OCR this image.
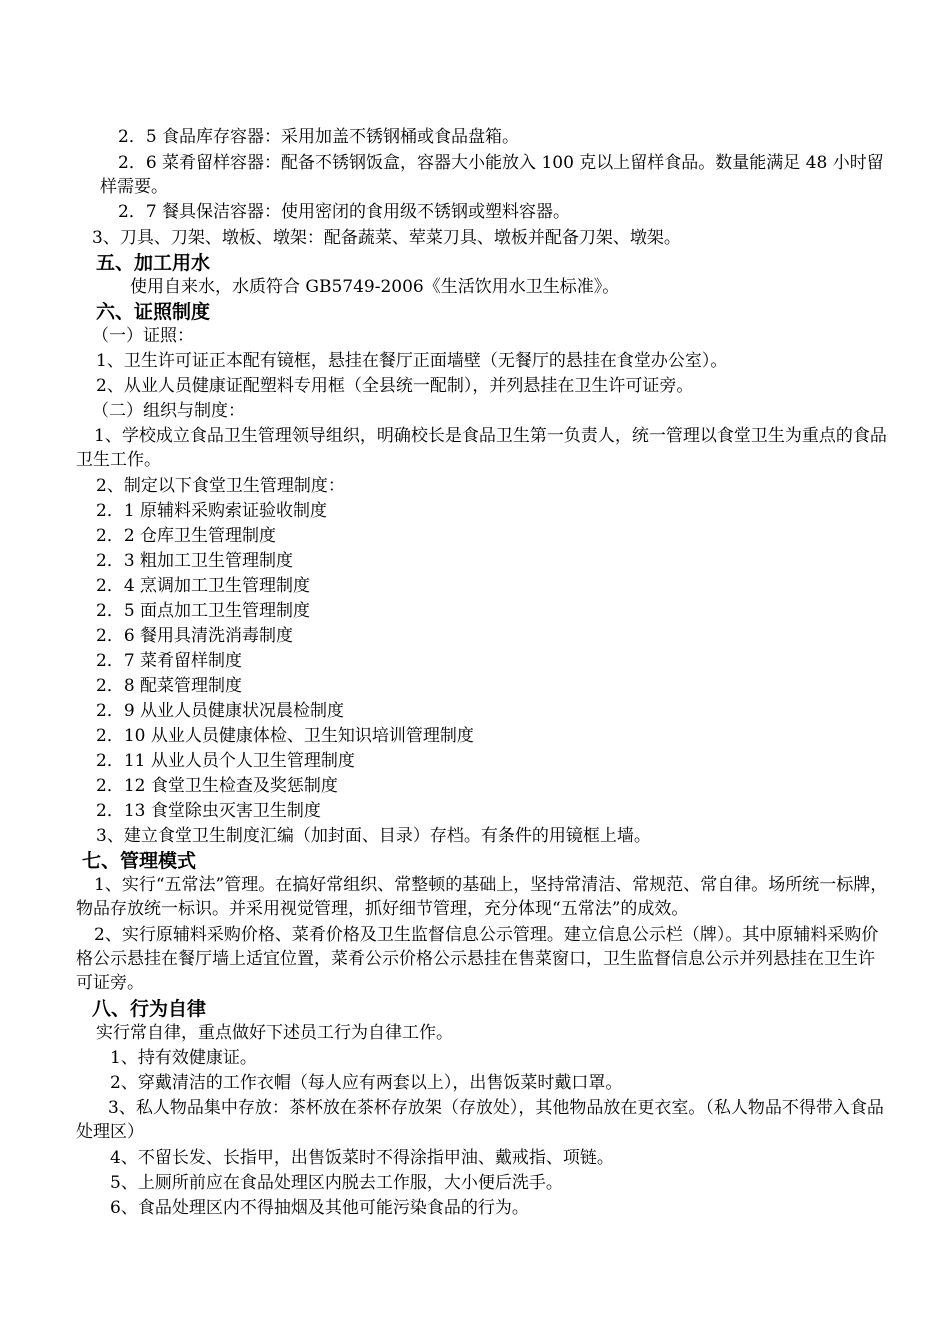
2．5 食品库存容器：采用加盖不锈钢桶或食品盘箱。
2．6 菜肴留样容器：配备不锈钢饭盒，容器大小能放入 100 克以上留样食品。数量能满足 48 小时留样需要。
2．7 餐具保洁容器：使用密闭的食用级不锈钢或塑料容器。
3、刀具、刀架、墩板、墩架：配备蔬菜、荤菜刀具、墩板并配备刀架、墩架。
五、加工用水
使用自来水，水质符合 GB5749-2006《生活饮用水卫生标准》。
六、证照制度
（一）证照：
1、卫生许可证正本配有镜框，悬挂在餐厅正面墙壁（无餐厅的悬挂在食堂办公室）。
2、从业人员健康证配塑料专用框（全县统一配制），并列悬挂在卫生许可证旁。
（二）组织与制度：
1、学校成立食品卫生管理领导组织，明确校长是食品卫生第一负责人，统一管理以食堂卫生为重点的食品卫生工作。
2、制定以下食堂卫生管理制度：
2．1 原辅料采购索证验收制度
2．2 仓库卫生管理制度
2．3 粗加工卫生管理制度
2．4 烹调加工卫生管理制度
2．5 面点加工卫生管理制度
2．6 餐用具清洗消毒制度
2．7 菜肴留样制度
2．8 配菜管理制度
2．9 从业人员健康状况晨检制度
2．10 从业人员健康体检、卫生知识培训管理制度
2．11 从业人员个人卫生管理制度
2．12 食堂卫生检查及奖惩制度
2．13 食堂除虫灭害卫生制度
3、建立食堂卫生制度汇编（加封面、目录）存档。有条件的用镜框上墙。
七、管理模式
1、实行“五常法”管理。在搞好常组织、常整顿的基础上，坚持常清洁、常规范、常自律。场所统一标牌，物品存放统一标识。并采用视觉管理，抓好细节管理，充分体现“五常法”的成效。
2、实行原辅料采购价格、菜肴价格及卫生监督信息公示管理。建立信息公示栏（牌）。其中原辅料采购价格公示悬挂在餐厅墙上适宜位置，菜肴公示价格公示悬挂在售菜窗口，卫生监督信息公示并列悬挂在卫生许可证旁。
八、行为自律
实行常自律，重点做好下述员工行为自律工作。
1、持有效健康证。
2、穿戴清洁的工作衣帽（每人应有两套以上），出售饭菜时戴口罩。
3、私人物品集中存放：茶杯放在茶杯存放架（存放处），其他物品放在更衣室。（私人物品不得带入食品处理区）
4、不留长发、长指甲，出售饭菜时不得涂指甲油、戴戒指、项链。
5、上厕所前应在食品处理区内脱去工作服，大小便后洗手。
6、食品处理区内不得抽烟及其他可能污染食品的行为。
